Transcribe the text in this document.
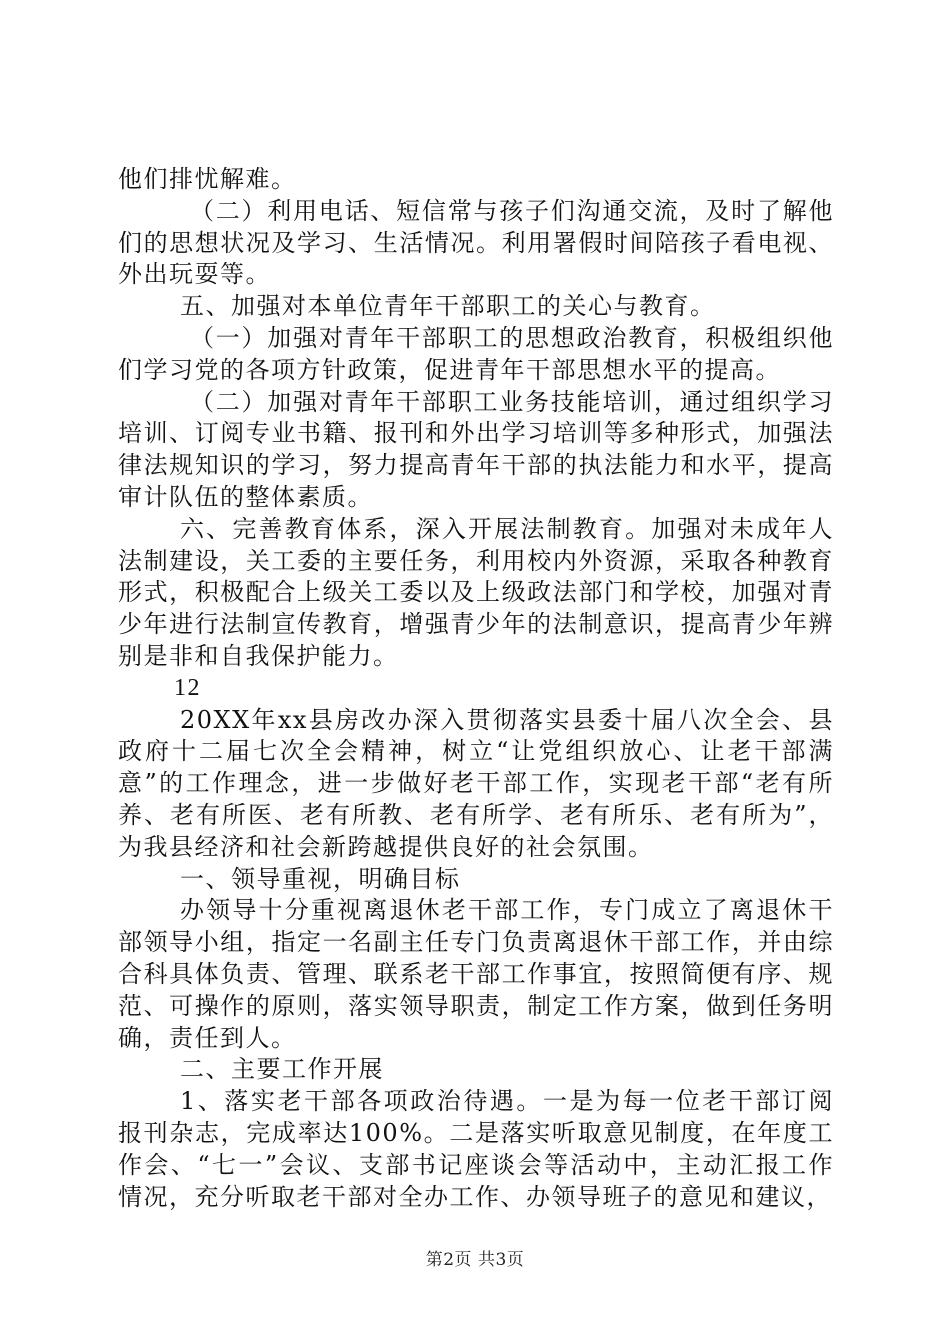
他们排忧解难。

（二）利用电话、短信常与孩子们沟通交流，及时了解他们的思想状况及学习、生活情况。利用署假时间陪孩子看电视、外出玩耍等。

五、加强对本单位青年干部职工的关心与教育。

（一）加强对青年干部职工的思想政治教育，积极组织他们学习党的各项方针政策，促进青年干部思想水平的提高。

（二）加强对青年干部职工业务技能培训，通过组织学习培训、订阅专业书籍、报刊和外出学习培训等多种形式，加强法律法规知识的学习，努力提高青年干部的执法能力和水平，提高审计队伍的整体素质。

六、完善教育体系，深入开展法制教育。加强对未成年人法制建设，关工委的主要任务，利用校内外资源，采取各种教育形式，积极配合上级关工委以及上级政法部门和学校，加强对青少年进行法制宣传教育，增强青少年的法制意识，提高青少年辨别是非和自我保护能力。

12

20XX年xx县房改办深入贯彻落实县委十届八次全会、县政府十二届七次全会精神，树立“让党组织放心、让老干部满意”的工作理念，进一步做好老干部工作，实现老干部“老有所养、老有所医、老有所教、老有所学、老有所乐、老有所为”，为我县经济和社会新跨越提供良好的社会氛围。

一、领导重视，明确目标

办领导十分重视离退休老干部工作，专门成立了离退休干部领导小组，指定一名副主任专门负责离退休干部工作，并由综合科具体负责、管理、联系老干部工作事宜，按照简便有序、规范、可操作的原则，落实领导职责，制定工作方案，做到任务明确，责任到人。

二、主要工作开展

1、落实老干部各项政治待遇。一是为每一位老干部订阅报刊杂志，完成率达100%。二是落实听取意见制度，在年度工作会、“七一”会议、支部书记座谈会等活动中，主动汇报工作情况，充分听取老干部对全办工作、办领导班子的意见和建议，

第2页 共3页
